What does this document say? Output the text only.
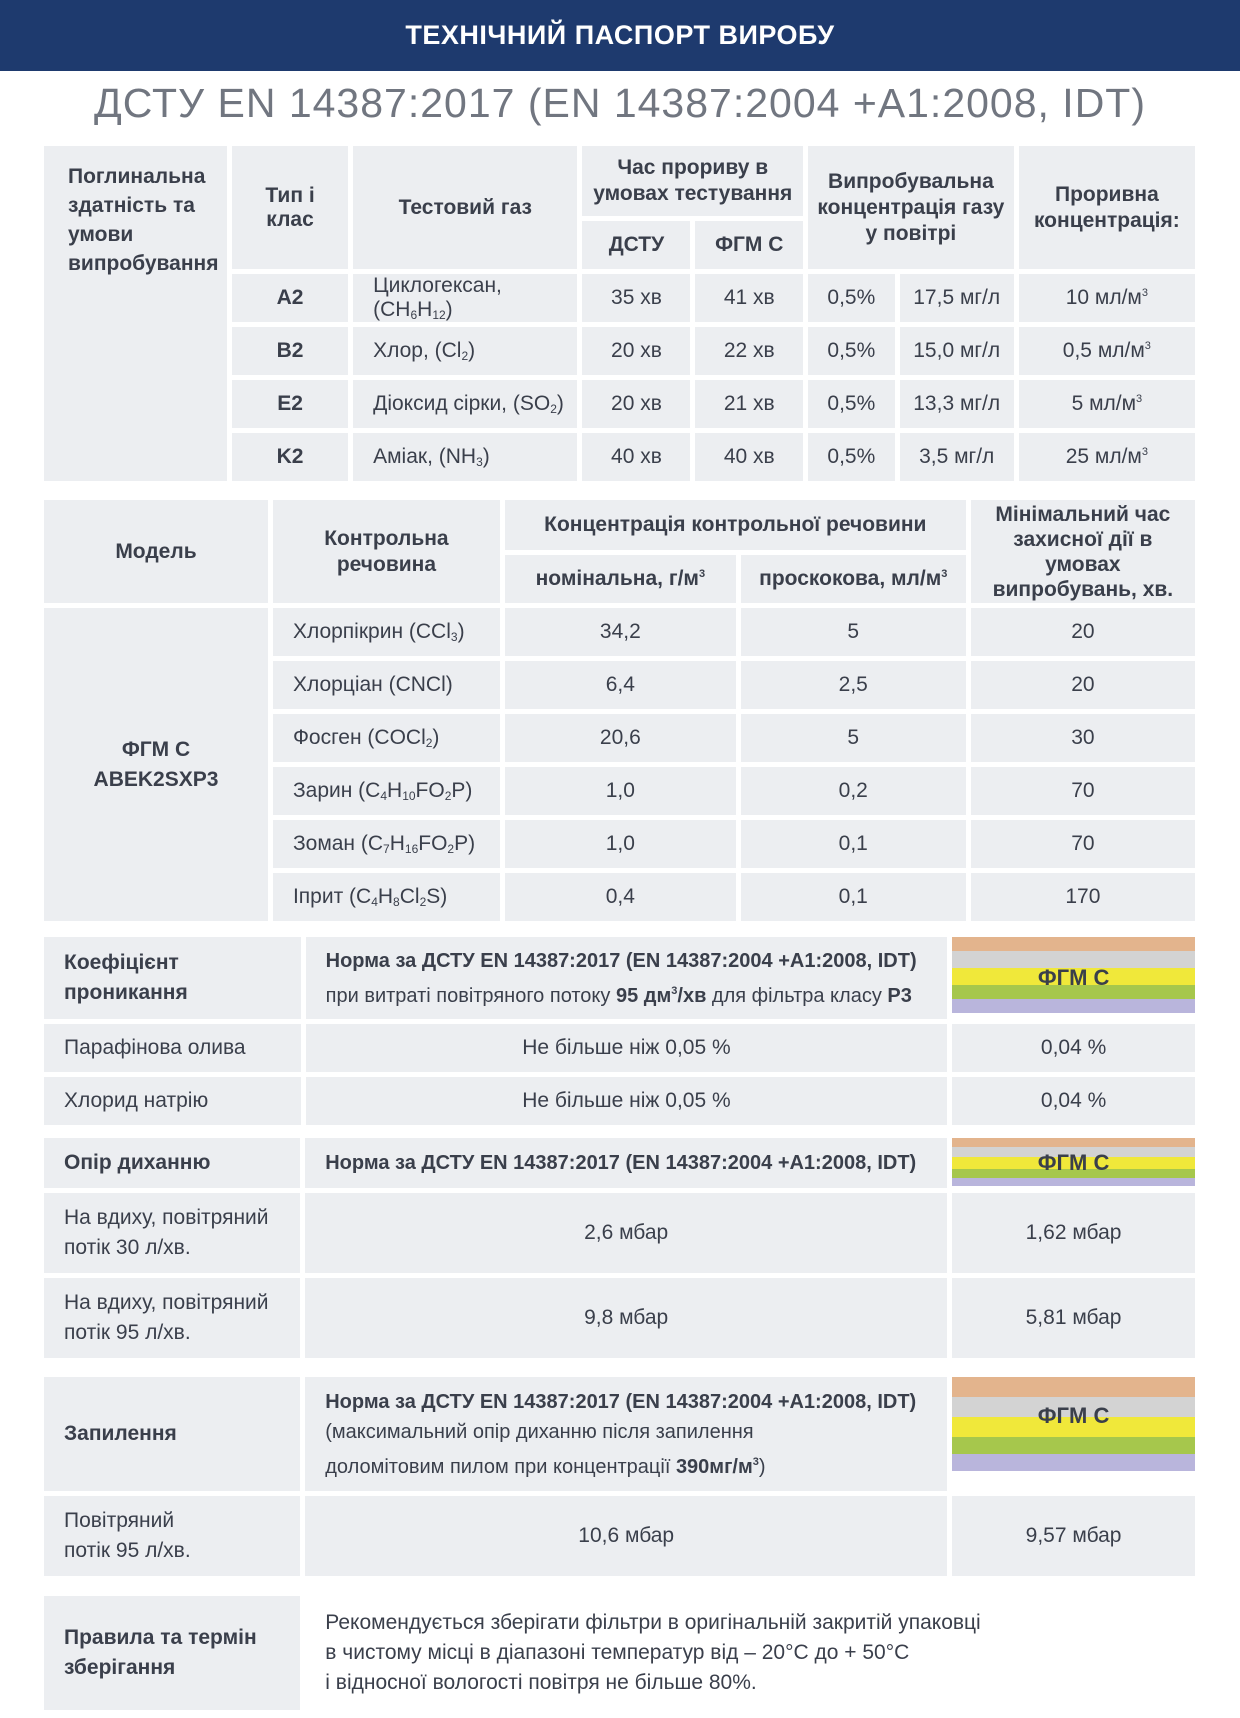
ТЕХНІЧНИЙ ПАСПОРТ ВИРОБУ
ДСТУ EN 14387:2017 (EN 14387:2004 +A1:2008, IDT)
Поглинальна здатність та умови випробування	Тип і клас	Тестовий газ	Час прориву в умовах тестування		Випробувальна концентрація газу у повітрі		Проривна концентрація:
			ДСТУ	ФГМ С			
	A2	Циклогексан, $(CH_6H_{12})$	35 хв	41 хв	0,5%	17,5 мг/л	10 $мл/м^3$
	B2	Хлор, $(Cl_2)$	20 хв	22 хв	0,5%	15,0 мг/л	0,5 $мл/м^3$
	E2	Діоксид сірки, $(SO_2)$	20 хв	21 хв	0,5%	13,3 мг/л	5 $мл/м^3$
	K2	Аміак, $(NH_3)$	40 хв	40 хв	0,5%	3,5 мг/л	25 $мл/м^3$
Модель	Контрольна речовина	Концентрація контрольної речовини		Мінімальний час захисної дії в умовах випробувань, хв.
		номінальна, $г/м^3$	проскокова, $мл/м^3$

ФГМ С
ABEK2SXP3	Хлорпікрин (CCl$_3$)	34,2	5	20
	Хлорціан (CNCl)	6,4	2,5	20
	Фосген (COCl$_2$)	20,6	5	30
	Зарин $(C_4H_{10}FO_2P)$	1,0	0,2	70
	Зоман $(C_7H_{16}FO_2P)$	1,0	0,1	70
	Іприт $(C_4H_8Cl_2S)$	0,4	0,1	170
Коефіцієнт проникання	Норма за ДСТУ EN 14387:2017 (EN 14387:2004 +A1:2008, IDT)
при витраті повітряного потоку 95 $дм^3/хв$ для фільтра класу P3	ФГМ С

Парафінова олива	Не більше ніж 0,05 %	0,04 %
Хлорид натрію	Не більше ніж 0,05 %	0,04 %
Опір диханню	Норма за ДСТУ EN 14387:2017 (EN 14387:2004 +A1:2008, IDT)	ФГМ С

На вдиху, повітряний
потік 30 л/хв.	2,6 мбар	1,62 мбар

На вдиху, повітряний
потік 95 л/хв.	9,8 мбар	5,81 мбар
Запилення	Норма за ДСТУ EN 14387:2017 (EN 14387:2004 +A1:2008, IDT)
(максимальний опір диханню після запилення
доломітовим пилом при концентрації $390мг/м^3$)	ФГМ С

Повітряний
потік 95 л/хв.	10,6 мбар	9,57 мбар
Правила та термін
зберігання

Рекомендується зберігати фільтри в оригінальній закритій упаковці
в чистому місці в діапазоні температур від – 20°C до + 50°C
і відносної вологості повітря не більше 80%.
